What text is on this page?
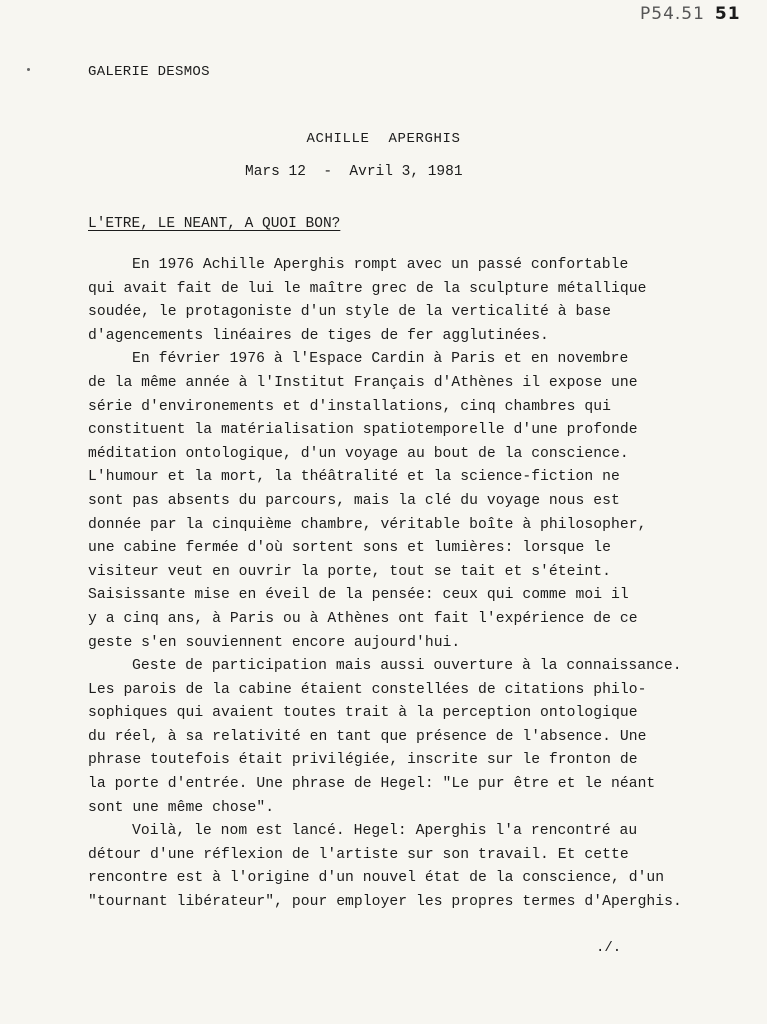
P54.51 51
GALERIE DESMOS
ACHILLE APERGHIS
Mars 12  -  Avril 3, 1981
L'ETRE, LE NEANT, A QUOI BON?
En 1976 Achille Aperghis rompt avec un passé confortable
qui avait fait de lui le maître grec de la sculpture métallique
soudée, le protagoniste d'un style de la verticalité à base
d'agencements linéaires de tiges de fer agglutinées.
En février 1976 à l'Espace Cardin à Paris et en novembre
de la même année à l'Institut Français d'Athènes il expose une
série d'environements et d'installations, cinq chambres qui
constituent la matérialisation spatiotemporelle d'une profonde
méditation ontologique, d'un voyage au bout de la conscience.
L'humour et la mort, la théâtralité et la science-fiction ne
sont pas absents du parcours, mais la clé du voyage nous est
donnée par la cinquième chambre, véritable boîte à philosopher,
une cabine fermée d'où sortent sons et lumières: lorsque le
visiteur veut en ouvrir la porte, tout se tait et s'éteint.
Saisissante mise en éveil de la pensée: ceux qui comme moi il
y a cinq ans, à Paris ou à Athènes ont fait l'expérience de ce
geste s'en souviennent encore aujourd'hui.
Geste de participation mais aussi ouverture à la connaissance.
Les parois de la cabine étaient constellées de citations philo-
sophiques qui avaient toutes trait à la perception ontologique
du réel, à sa relativité en tant que présence de l'absence. Une
phrase toutefois était privilégiée, inscrite sur le fronton de
la porte d'entrée. Une phrase de Hegel: "Le pur être et le néant
sont une même chose".
Voilà, le nom est lancé. Hegel: Aperghis l'a rencontré au
détour d'une réflexion de l'artiste sur son travail. Et cette
rencontre est à l'origine d'un nouvel état de la conscience, d'un
"tournant libérateur", pour employer les propres termes d'Aperghis.
./.
